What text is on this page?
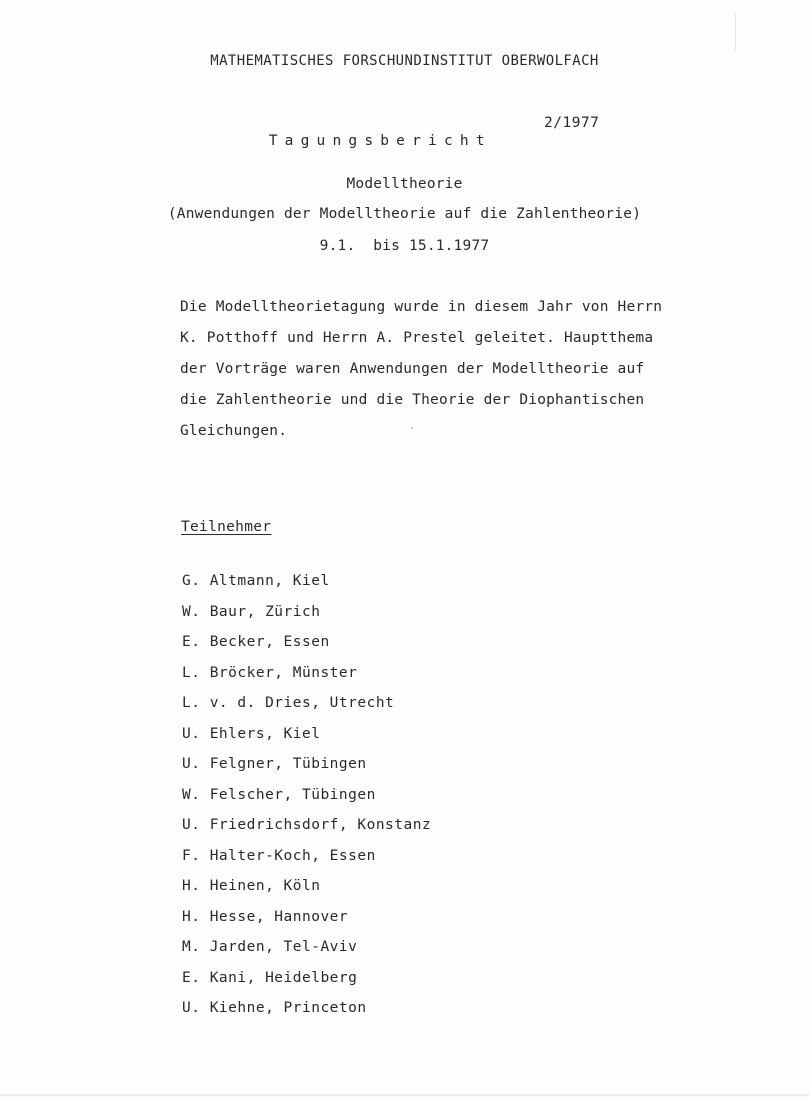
MATHEMATISCHES FORSCHUNDINSTITUT OBERWOLFACH

Tagungsbericht

2/1977

Modelltheorie
(Anwendungen der Modelltheorie auf die Zahlentheorie)
9.1.  bis 15.1.1977
Die Modelltheorietagung wurde in diesem Jahr von Herrn
K. Potthoff und Herrn A. Prestel geleitet. Hauptthema
der Vorträge waren Anwendungen der Modelltheorie auf
die Zahlentheorie und die Theorie der Diophantischen
Gleichungen.
Teilnehmer
G. Altmann, Kiel
W. Baur, Zürich
E. Becker, Essen
L. Bröcker, Münster
L. v. d. Dries, Utrecht
U. Ehlers, Kiel
U. Felgner, Tübingen
W. Felscher, Tübingen
U. Friedrichsdorf, Konstanz
F. Halter-Koch, Essen
H. Heinen, Köln
H. Hesse, Hannover
M. Jarden, Tel-Aviv
E. Kani, Heidelberg
U. Kiehne, Princeton
